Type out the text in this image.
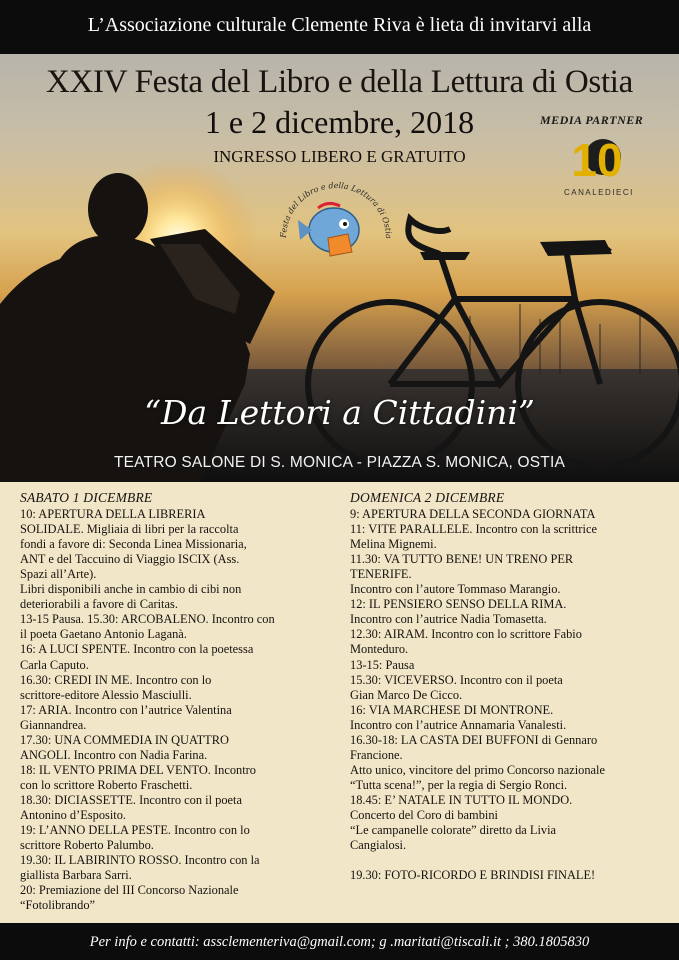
L’Associazione culturale Clemente Riva è lieta di invitarvi alla
XXIV Festa del Libro e della Lettura di Ostia
1 e 2 dicembre, 2018
INGRESSO LIBERO E GRATUITO
MEDIA PARTNER
10
CANALEDIECI
Festa del Libro e della Lettura di Ostia
“Da Lettori a Cittadini”
TEATRO SALONE DI S. MONICA - PIAZZA S. MONICA, OSTIA
SABATO 1 DICEMBRE

10: APERTURA DELLA LIBRERIA

SOLIDALE. Migliaia di libri per la raccolta

fondi a favore di: Seconda Linea Missionaria,

ANT e del Taccuino di Viaggio ISCIX (Ass.

Spazi all’Arte).

Libri disponibili anche in cambio di cibi non

deteriorabili a favore di Caritas.

13-15 Pausa. 15.30: ARCOBALENO. Incontro con

il poeta Gaetano Antonio Laganà.

16: A LUCI SPENTE. Incontro con la poetessa

Carla Caputo.

16.30: CREDI IN ME. Incontro con lo

scrittore-editore Alessio Masciulli.

17: ARIA. Incontro con l’autrice Valentina

Giannandrea.

17.30: UNA COMMEDIA IN QUATTRO

ANGOLI. Incontro con Nadia Farina.

18: IL VENTO PRIMA DEL VENTO. Incontro

con lo scrittore Roberto Fraschetti.

18.30: DICIASSETTE. Incontro con il poeta

Antonino d’Esposito.

19: L’ANNO DELLA PESTE. Incontro con lo

scrittore Roberto Palumbo.

19.30: IL LABIRINTO ROSSO. Incontro con la

giallista Barbara Sarri.

20: Premiazione del III Concorso Nazionale

“Fotolibrando”

DOMENICA 2 DICEMBRE

9: APERTURA DELLA SECONDA GIORNATA

11: VITE PARALLELE. Incontro con la scrittrice

Melina Mignemi.

11.30: VA TUTTO BENE! UN TRENO PER

TENERIFE.

Incontro con l’autore Tommaso Marangio.

12: IL PENSIERO SENSO DELLA RIMA.

Incontro con l’autrice Nadia Tomasetta.

12.30: AIRAM. Incontro con lo scrittore Fabio

Monteduro.

13-15: Pausa

15.30: VICEVERSO. Incontro con il poeta

Gian Marco De Cicco.

16: VIA MARCHESE DI MONTRONE.

Incontro con l’autrice Annamaria Vanalesti.

16.30-18: LA CASTA DEI BUFFONI di Gennaro

Francione.

Atto unico, vincitore del primo Concorso nazionale

“Tutta scena!”, per la regia di Sergio Ronci.

18.45: E’ NATALE IN TUTTO IL MONDO.

Concerto del Coro di bambini

“Le campanelle colorate” diretto da Livia

Cangialosi.

19.30: FOTO-RICORDO E BRINDISI FINALE!

Per info e contatti: assclementeriva@gmail.com; g .maritati@tiscali.it ; 380.1805830
